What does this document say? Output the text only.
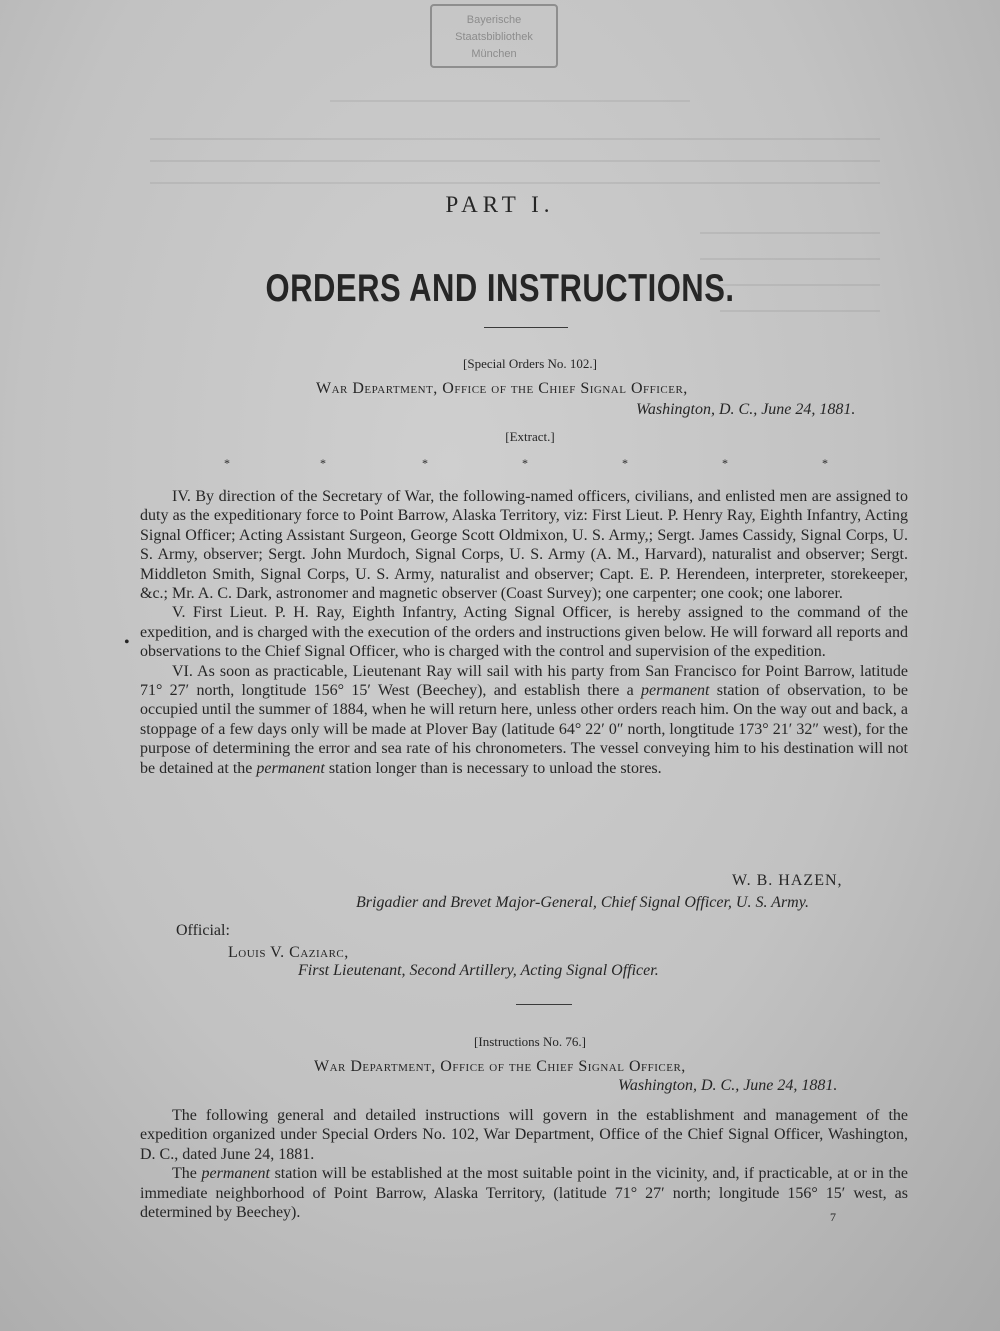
Bayerische
Staatsbibliothek
München
PART I.
ORDERS AND INSTRUCTIONS.
[Special Orders No. 102.]
War Department, Office of the Chief Signal Officer,
Washington, D. C., June 24, 1881.
[Extract.]
*	*	*	*	*	*	*

IV. By direction of the Secretary of War, the following-named officers, civilians, and enlisted men are assigned to duty as the expeditionary force to Point Barrow, Alaska Territory, viz: First Lieut. P. Henry Ray, Eighth Infantry, Acting Signal Officer; Acting Assistant Surgeon, George Scott Oldmixon, U. S. Army,; Sergt. James Cassidy, Signal Corps, U. S. Army, observer; Sergt. John Murdoch, Signal Corps, U. S. Army (A. M., Harvard), naturalist and observer; Sergt. Middleton Smith, Signal Corps, U. S. Army, naturalist and observer; Capt. E. P. Herendeen, interpreter, storekeeper, &c.; Mr. A. C. Dark, astronomer and magnetic observer (Coast Survey); one carpenter; one cook; one laborer.

V. First Lieut. P. H. Ray, Eighth Infantry, Acting Signal Officer, is hereby assigned to the command of the expedition, and is charged with the execution of the orders and instructions given below. He will forward all reports and observations to the Chief Signal Officer, who is charged with the control and supervision of the expedition.

VI. As soon as practicable, Lieutenant Ray will sail with his party from San Francisco for Point Barrow, latitude 71° 27′ north, longtitude 156° 15′ West (Beechey), and establish there a permanent station of observation, to be occupied until the summer of 1884, when he will return here, unless other orders reach him. On the way out and back, a stoppage of a few days only will be made at Plover Bay (latitude 64° 22′ 0″ north, longtitude 173° 21′ 32″ west), for the purpose of determining the error and sea rate of his chronometers. The vessel conveying him to his destination will not be detained at the permanent station longer than is necessary to unload the stores.

•
W. B. HAZEN,
Brigadier and Brevet Major-General, Chief Signal Officer, U. S. Army.
Official:
Louis V. Caziarc,
First Lieutenant, Second Artillery, Acting Signal Officer.
[Instructions No. 76.]
War Department, Office of the Chief Signal Officer,
Washington, D. C., June 24, 1881.

The following general and detailed instructions will govern in the establishment and management of the expedition organized under Special Orders No. 102, War Department, Office of the Chief Signal Officer, Washington, D. C., dated June 24, 1881.

The permanent station will be established at the most suitable point in the vicinity, and, if practicable, at or in the immediate neighborhood of Point Barrow, Alaska Territory, (latitude 71° 27′ north; longitude 156° 15′ west, as determined by Beechey).	7
